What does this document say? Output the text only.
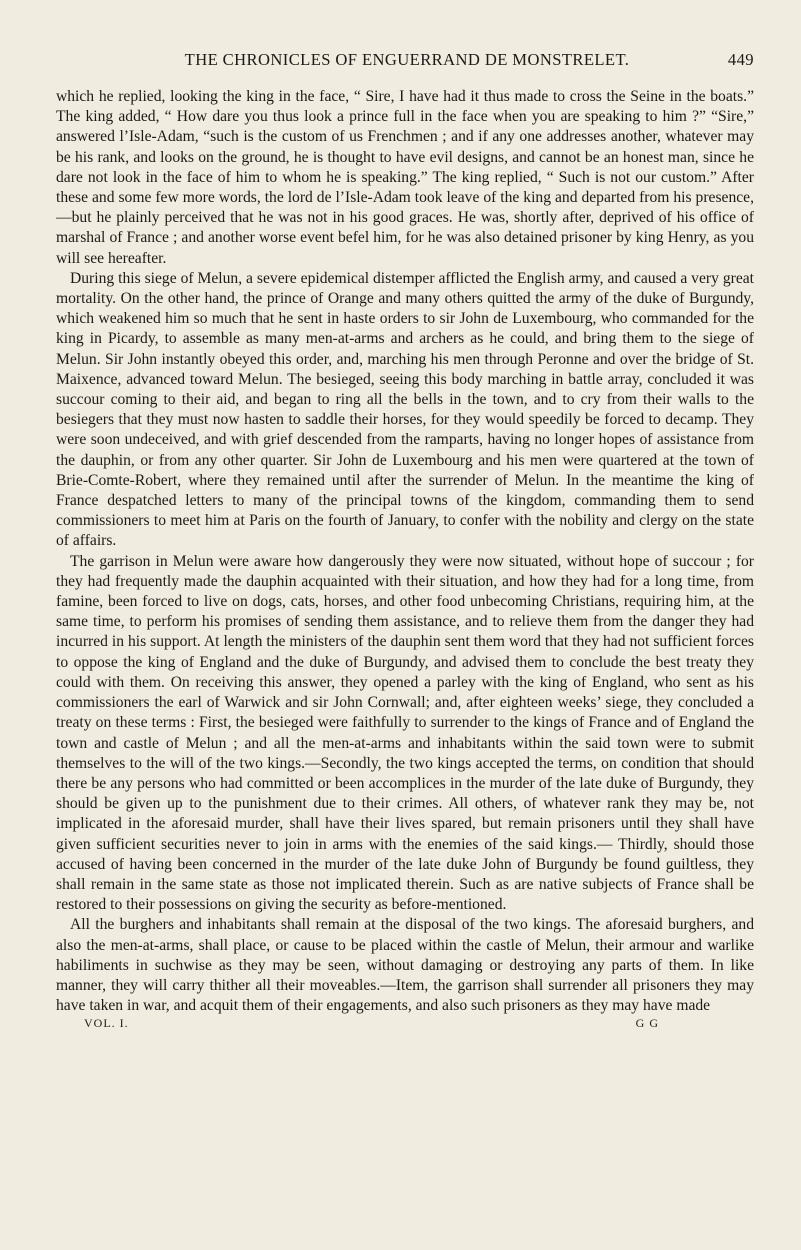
THE CHRONICLES OF ENGUERRAND DE MONSTRELET.	449

which he replied, looking the king in the face, “ Sire, I have had it thus made to cross the Seine in the boats.” The king added, “ How dare you thus look a prince full in the face when you are speaking to him ?” “Sire,” answered l’Isle-Adam, “such is the custom of us Frenchmen ; and if any one addresses another, whatever may be his rank, and looks on the ground, he is thought to have evil designs, and cannot be an honest man, since he dare not look in the face of him to whom he is speaking.” The king replied, “ Such is not our custom.” After these and some few more words, the lord de l’Isle-Adam took leave of the king and departed from his presence,—but he plainly perceived that he was not in his good graces. He was, shortly after, deprived of his office of marshal of France ; and another worse event befel him, for he was also detained prisoner by king Henry, as you will see hereafter.

During this siege of Melun, a severe epidemical distemper afflicted the English army, and caused a very great mortality. On the other hand, the prince of Orange and many others quitted the army of the duke of Burgundy, which weakened him so much that he sent in haste orders to sir John de Luxembourg, who commanded for the king in Picardy, to assemble as many men-at-arms and archers as he could, and bring them to the siege of Melun. Sir John instantly obeyed this order, and, marching his men through Peronne and over the bridge of St. Maixence, advanced toward Melun. The besieged, seeing this body marching in battle array, concluded it was succour coming to their aid, and began to ring all the bells in the town, and to cry from their walls to the besiegers that they must now hasten to saddle their horses, for they would speedily be forced to decamp. They were soon undeceived, and with grief descended from the ramparts, having no longer hopes of assistance from the dauphin, or from any other quarter. Sir John de Luxembourg and his men were quartered at the town of Brie-Comte-Robert, where they remained until after the surrender of Melun. In the meantime the king of France despatched letters to many of the principal towns of the kingdom, commanding them to send commissioners to meet him at Paris on the fourth of January, to confer with the nobility and clergy on the state of affairs.

The garrison in Melun were aware how dangerously they were now situated, without hope of succour ; for they had frequently made the dauphin acquainted with their situation, and how they had for a long time, from famine, been forced to live on dogs, cats, horses, and other food unbecoming Christians, requiring him, at the same time, to perform his promises of sending them assistance, and to relieve them from the danger they had incurred in his support. At length the ministers of the dauphin sent them word that they had not sufficient forces to oppose the king of England and the duke of Burgundy, and advised them to conclude the best treaty they could with them. On receiving this answer, they opened a parley with the king of England, who sent as his commissioners the earl of Warwick and sir John Cornwall; and, after eighteen weeks’ siege, they concluded a treaty on these terms : First, the besieged were faithfully to surrender to the kings of France and of England the town and castle of Melun ; and all the men-at-arms and inhabitants within the said town were to submit themselves to the will of the two kings.—Secondly, the two kings accepted the terms, on condition that should there be any persons who had committed or been accomplices in the murder of the late duke of Burgundy, they should be given up to the punishment due to their crimes. All others, of whatever rank they may be, not implicated in the aforesaid murder, shall have their lives spared, but remain prisoners until they shall have given sufficient securities never to join in arms with the enemies of the said kings.— Thirdly, should those accused of having been concerned in the murder of the late duke John of Burgundy be found guiltless, they shall remain in the same state as those not implicated therein. Such as are native subjects of France shall be restored to their possessions on giving the security as before-mentioned.

All the burghers and inhabitants shall remain at the disposal of the two kings. The aforesaid burghers, and also the men-at-arms, shall place, or cause to be placed within the castle of Melun, their armour and warlike habiliments in suchwise as they may be seen, without damaging or destroying any parts of them. In like manner, they will carry thither all their moveables.—Item, the garrison shall surrender all prisoners they may have taken in war, and acquit them of their engagements, and also such prisoners as they may have made

VOL. I.	G G
